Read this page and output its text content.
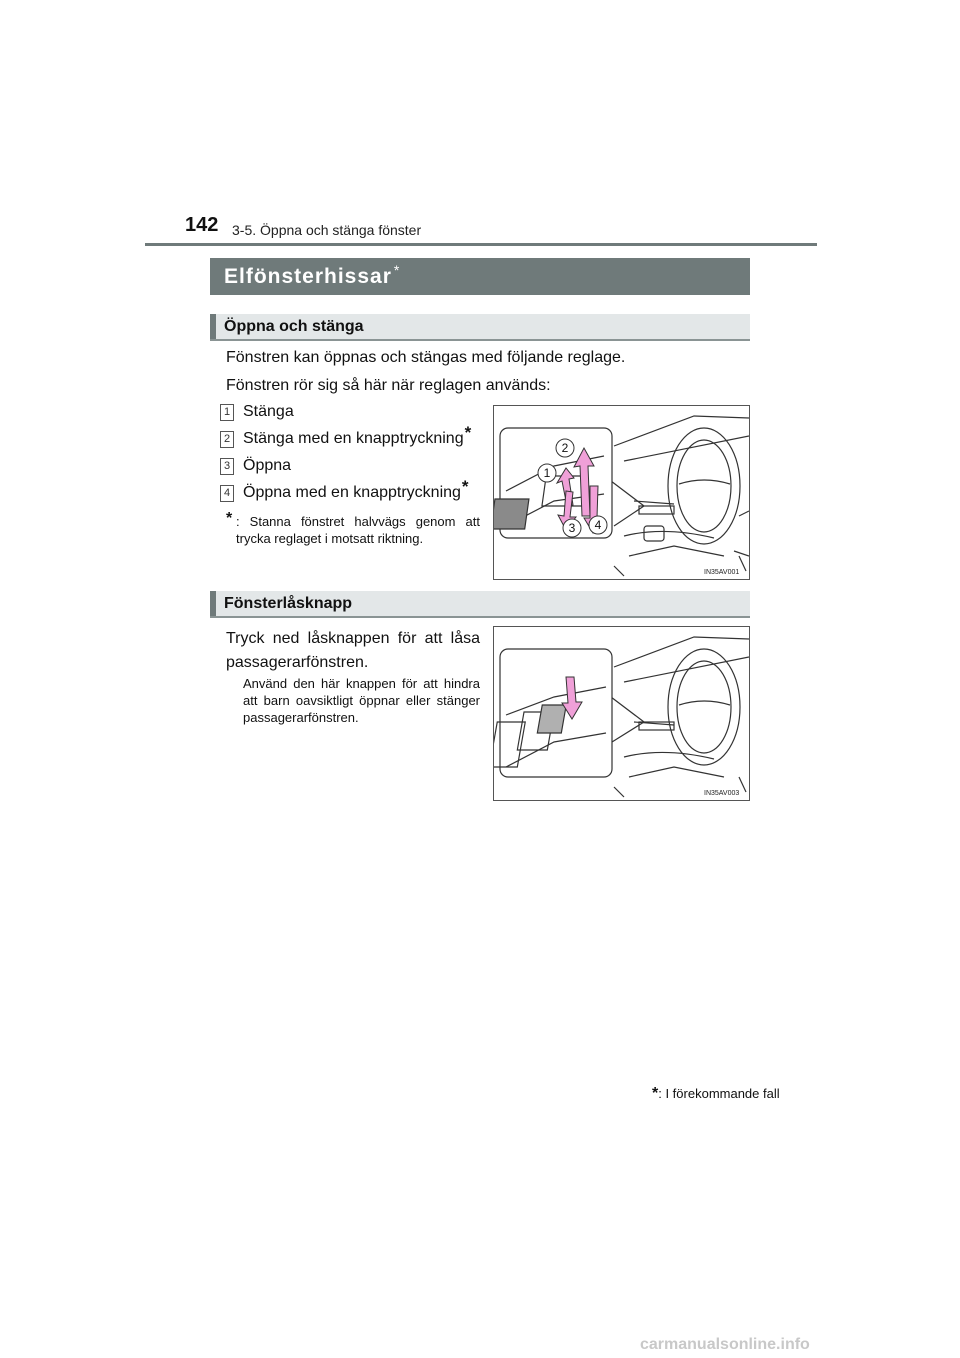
142 3-5. Öppna och stänga fönster
Elfönsterhissar *
Öppna och stänga
Fönstren kan öppnas och stängas med följande reglage.
Fönstren rör sig så här när reglagen används:
1 Stänga
2 Stänga med en knapptryckning*
3 Öppna
4 Öppna med en knapptryckning*
* : Stanna fönstret halvvägs genom att trycka reglaget i motsatt riktning.
2
1
3 4
IN35AV001
Fönsterlåsknapp
Tryck ned låsknappen för att låsa passagerarfönstren.
Använd den här knappen för att hindra att barn oavsiktligt öppnar eller stänger passagerarfönstren.
IN35AV003
*: I förekommande fall
carmanualsonline.info
